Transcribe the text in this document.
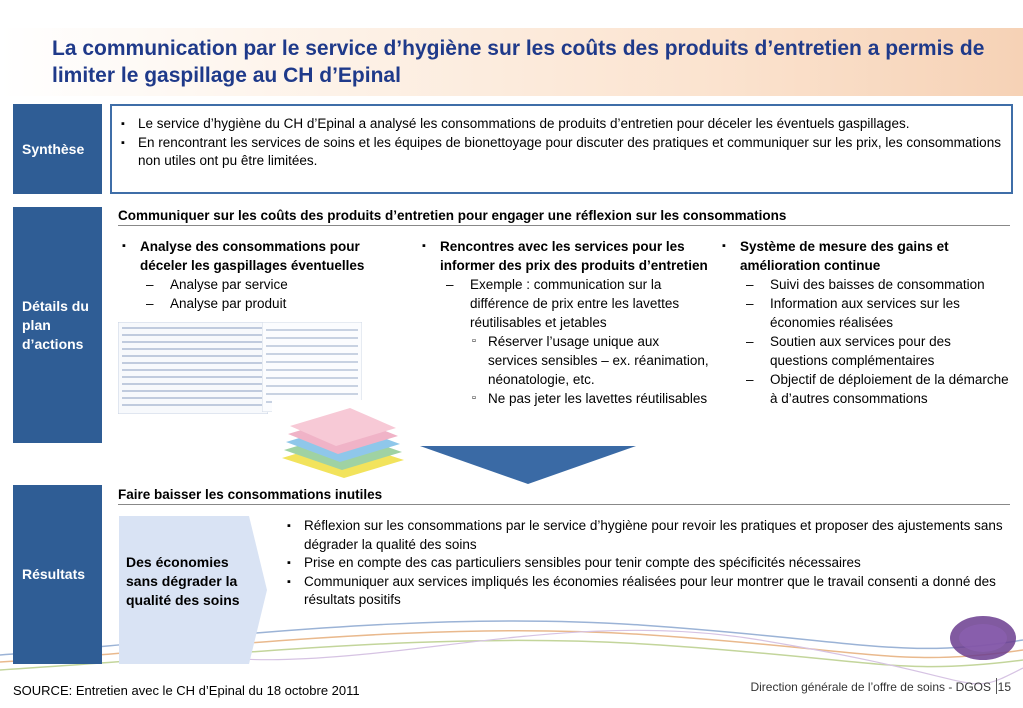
La communication par le service d’hygiène sur les coûts des produits d’entretien a permis de limiter le gaspillage au CH d’Epinal
Synthèse
▪ Le service d’hygiène du CH d’Epinal a analysé les consommations de produits d’entretien pour déceler les éventuels gaspillages.
▪ En rencontrant les services de soins et les équipes de bionettoyage pour discuter des pratiques et communiquer sur les prix, les consommations non utiles ont pu être limitées.
Détails du plan d’actions
Communiquer sur les coûts des produits d’entretien pour engager une réflexion sur les consommations
▪ Analyse des consommations pour déceler les gaspillages éventuelles
– Analyse par service
– Analyse par produit
▪ Rencontres avec les services pour les informer des prix des produits d’entretien
– Exemple : communication sur la différence de prix entre les lavettes réutilisables et jetables
▫ Réserver l’usage unique aux services sensibles – ex. réanimation, néonatologie, etc.
▫ Ne pas jeter les lavettes réutilisables
▪ Système de mesure des gains et amélioration continue
– Suivi des baisses de consommation
– Information aux services sur les économies réalisées
– Soutien aux services pour des questions complémentaires
– Objectif de déploiement de la démarche à d’autres consommations
Résultats
Faire baisser les consommations inutiles
Des économies sans dégrader la qualité des soins
▪ Réflexion sur les consommations par le service d’hygiène pour revoir les pratiques et proposer des ajustements sans dégrader la qualité des soins
▪ Prise en compte des cas particuliers sensibles pour tenir compte des spécificités nécessaires
▪ Communiquer aux services impliqués les économies réalisées pour leur montrer que le travail consenti a donné des résultats positifs
SOURCE: Entretien avec le CH d’Epinal du 18 octobre 2011	Direction générale de l’offre de soins - DGOS 15
